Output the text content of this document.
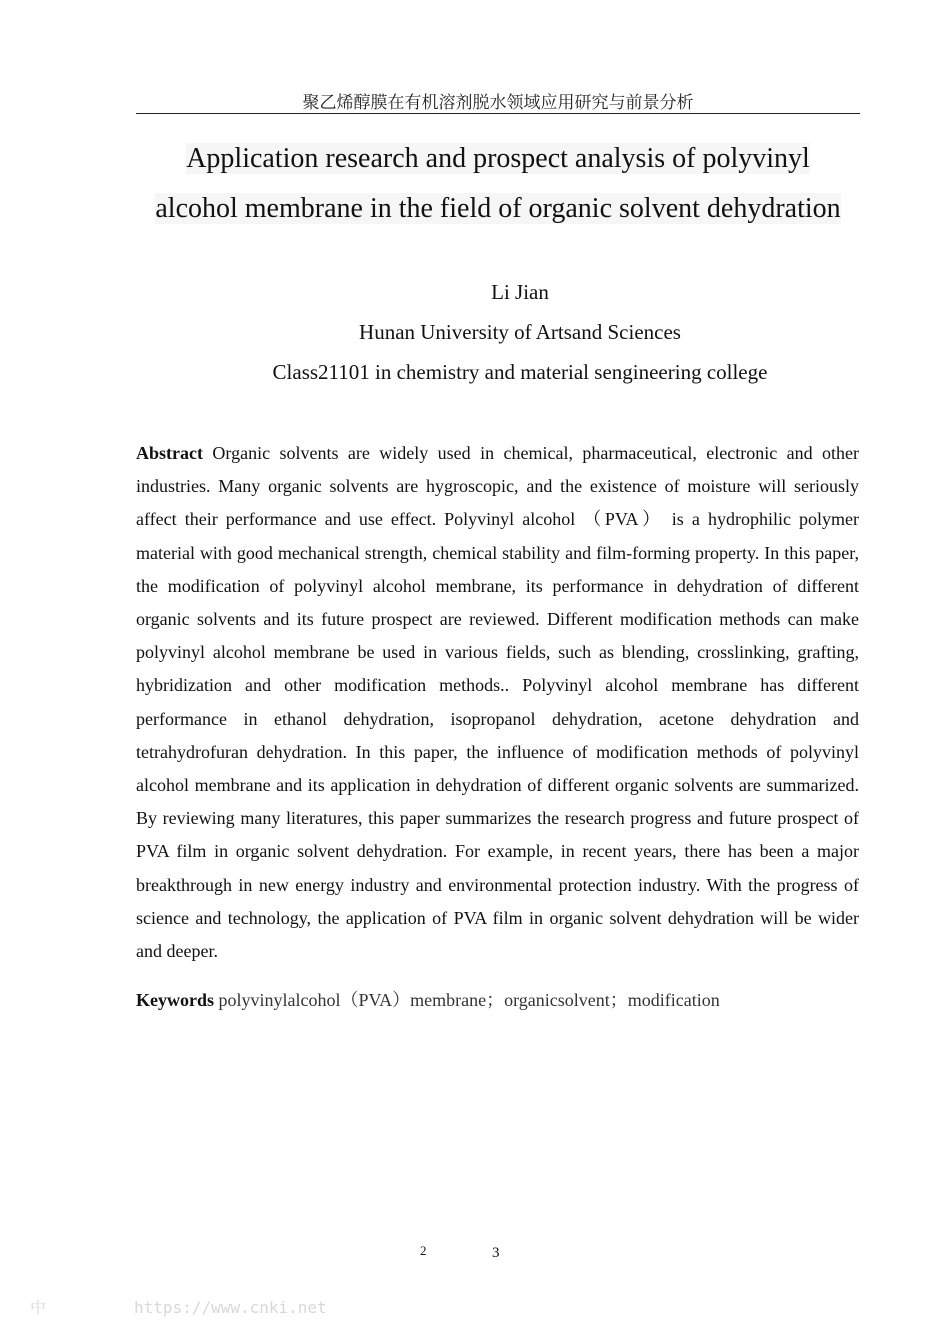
聚乙烯醇膜在有机溶剂脱水领域应用研究与前景分析
Application research and prospect analysis of polyvinyl
alcohol membrane in the field of organic solvent dehydration
Li Jian
Hunan University of Artsand Sciences
Class21101 in chemistry and material sengineering college

Abstract Organic solvents are widely used in chemical, pharmaceutical, electronic and other industries. Many organic solvents are hygroscopic, and the existence of moisture will seriously affect their performance and use effect. Polyvinyl alcohol （PVA） is a hydrophilic polymer material with good mechanical strength, chemical stability and film-forming property. In this paper, the modification of polyvinyl alcohol membrane, its performance in dehydration of different organic solvents and its future prospect are reviewed. Different modification methods can make polyvinyl alcohol membrane be used in various fields, such as blending, crosslinking, grafting, hybridization and other modification methods.. Polyvinyl alcohol membrane has different performance in ethanol dehydration, isopropanol dehydration, acetone dehydration and tetrahydrofuran dehydration. In this paper, the influence of modification methods of polyvinyl alcohol membrane and its application in dehydration of different organic solvents are summarized. By reviewing many literatures, this paper summarizes the research progress and future prospect of PVA film in organic solvent dehydration. For example, in recent years, there has been a major breakthrough in new energy industry and environmental protection industry. With the progress of science and technology, the application of PVA film in organic solvent dehydration will be wider and deeper.

Keywords polyvinylalcohol（PVA）membrane；organicsolvent；modification

2	3
中	https://www.cnki.net
